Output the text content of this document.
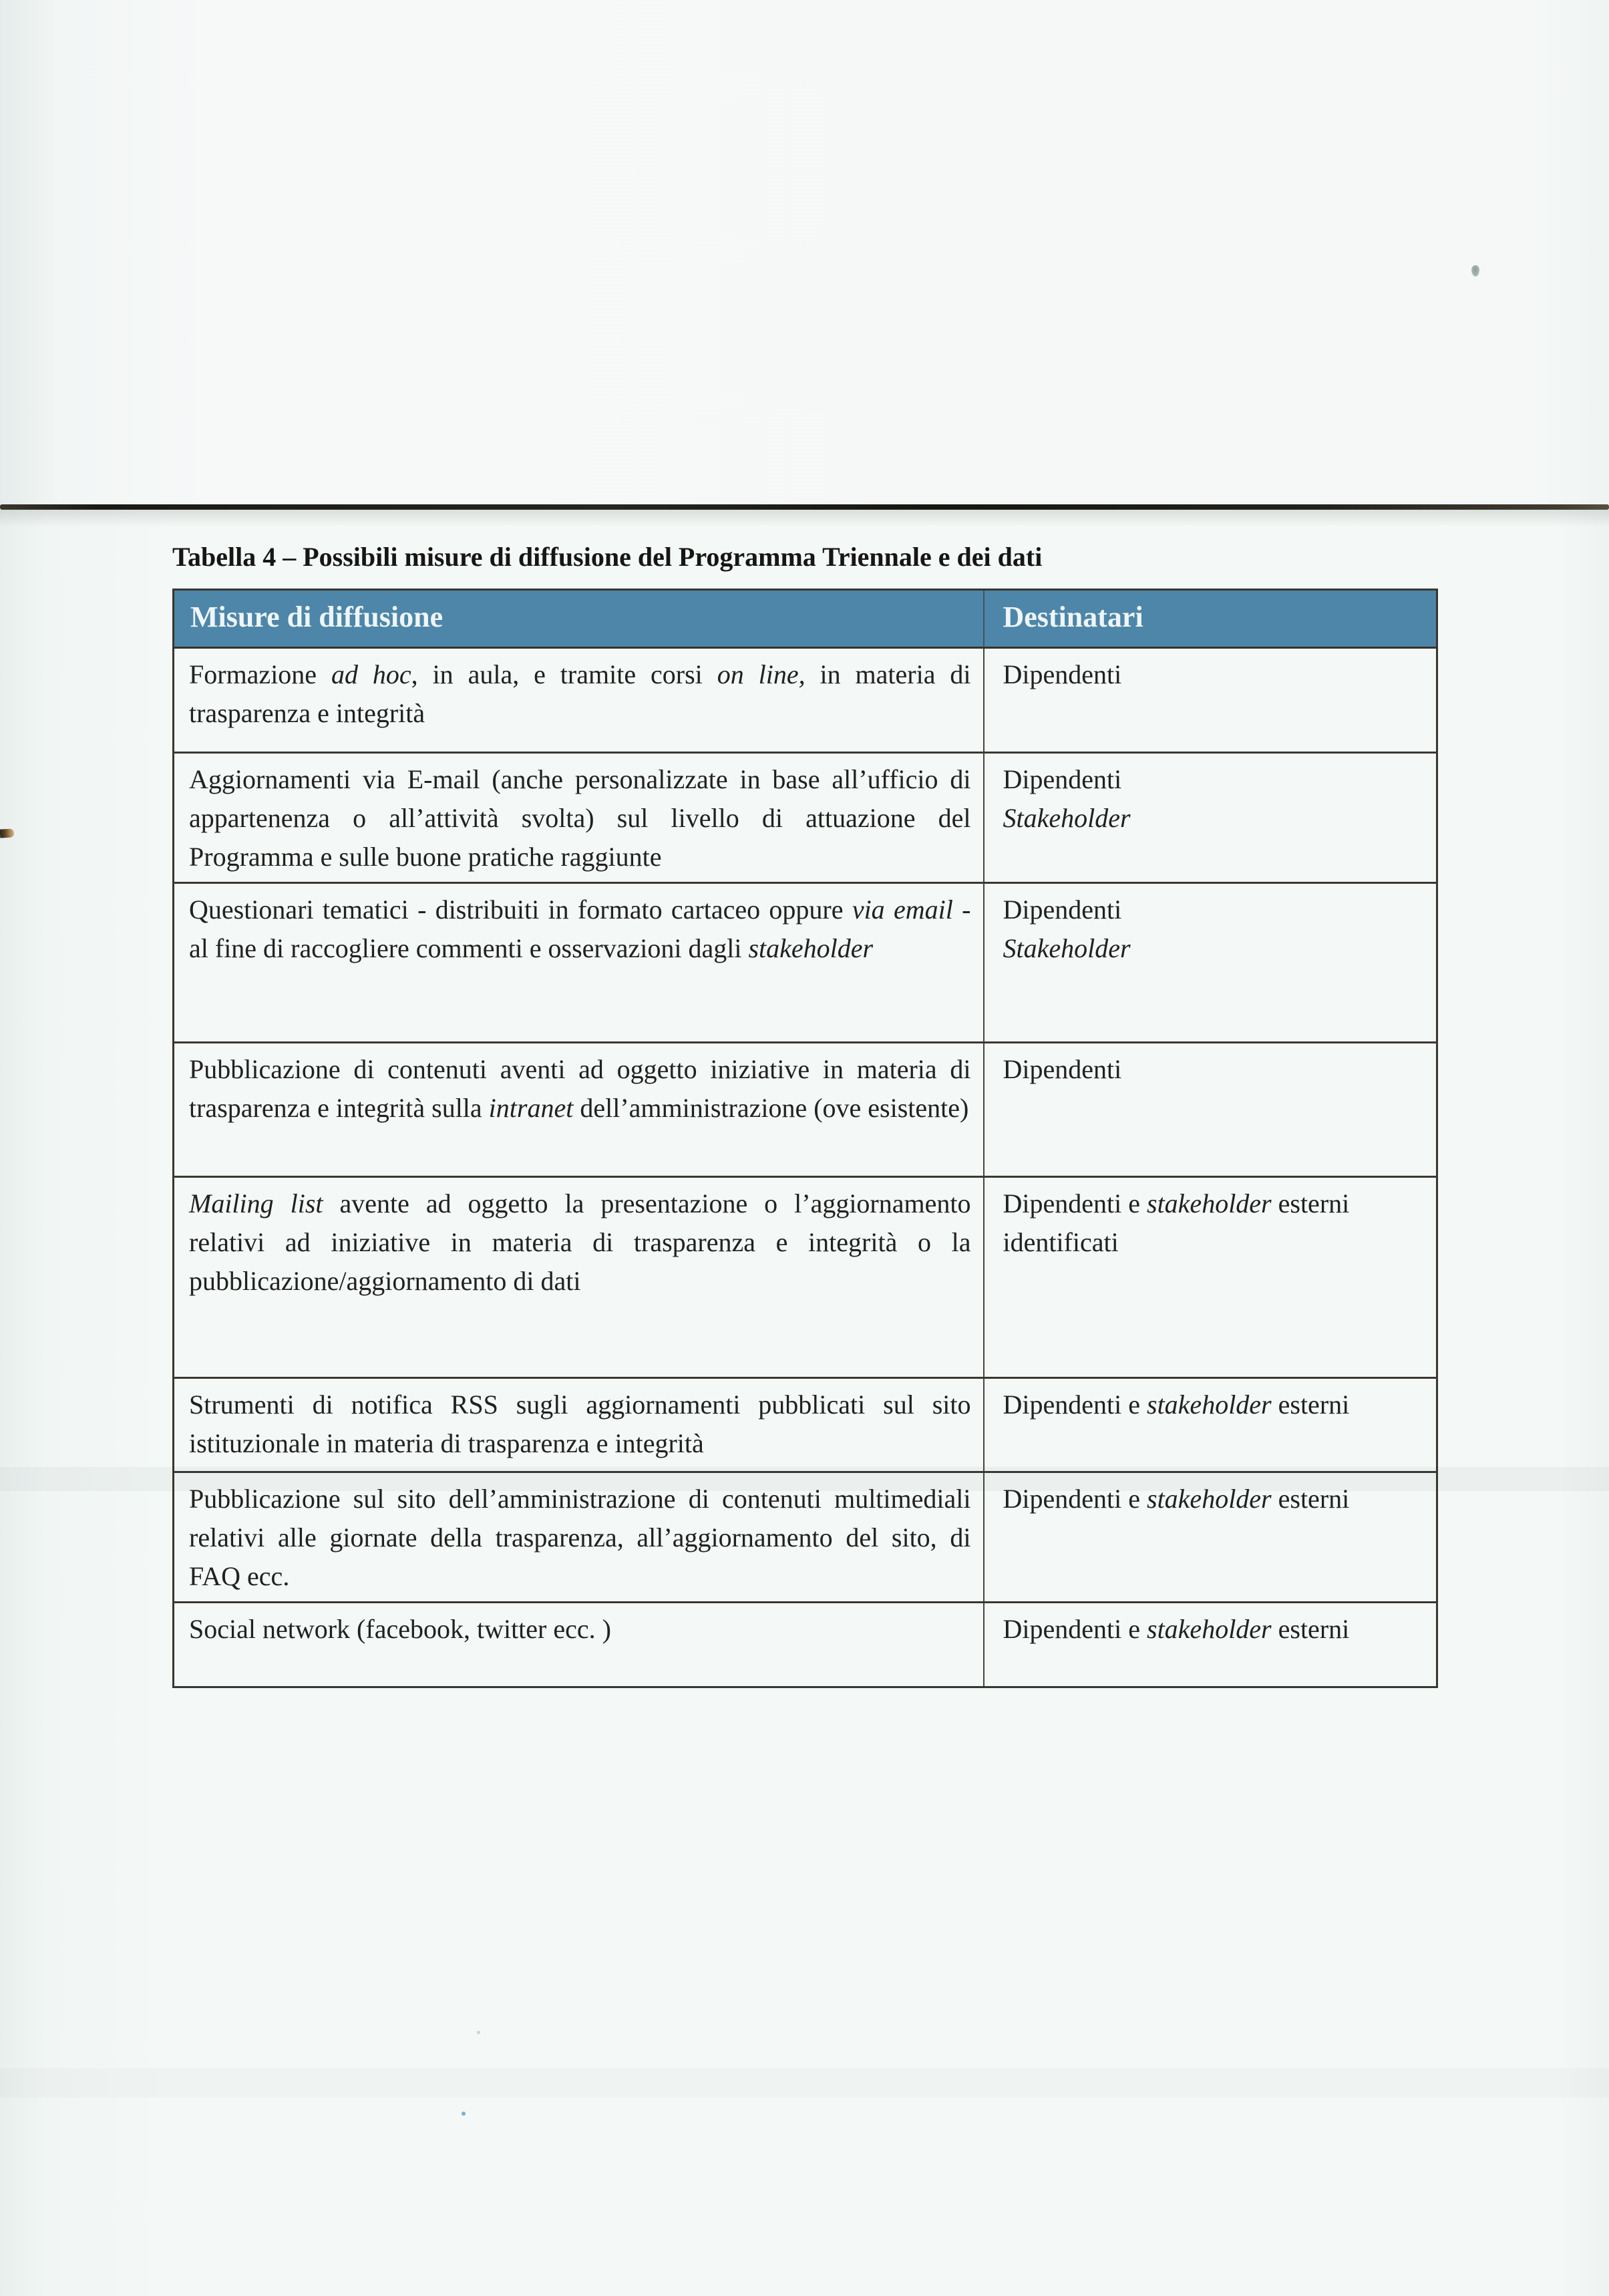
Tabella 4 – Possibili misure di diffusione del Programma Triennale e dei dati
Misure di diffusione	Destinatari

Formazione ad hoc, in aula, e tramite corsi on line, in materia di trasparenza e integrità	Dipendenti

Aggiornamenti via E-mail (anche personalizzate in base all’ufficio di appartenenza o all’attività svolta) sul livello di attuazione del Programma e sulle buone pratiche raggiunte	Dipendenti
Stakeholder

Questionari tematici - distribuiti in formato cartaceo oppure via email - al fine di raccogliere commenti e osservazioni dagli stakeholder	Dipendenti
Stakeholder

Pubblicazione di contenuti aventi ad oggetto iniziative in materia di trasparenza e integrità sulla intranet dell’amministrazione (ove esistente)	Dipendenti

Mailing list avente ad oggetto la presentazione o l’aggiornamento relativi ad iniziative in materia di trasparenza e integrità o la pubblicazione/aggiornamento di dati	Dipendenti e stakeholder esterni identificati

Strumenti di notifica RSS sugli aggiornamenti pubblicati sul sito istituzionale in materia di trasparenza e integrità	Dipendenti e stakeholder esterni

Pubblicazione sul sito dell’amministrazione di contenuti multimediali relativi alle giornate della trasparenza, all’aggiornamento del sito, di FAQ ecc.	Dipendenti e stakeholder esterni

Social network (facebook, twitter ecc. )	Dipendenti e stakeholder esterni
